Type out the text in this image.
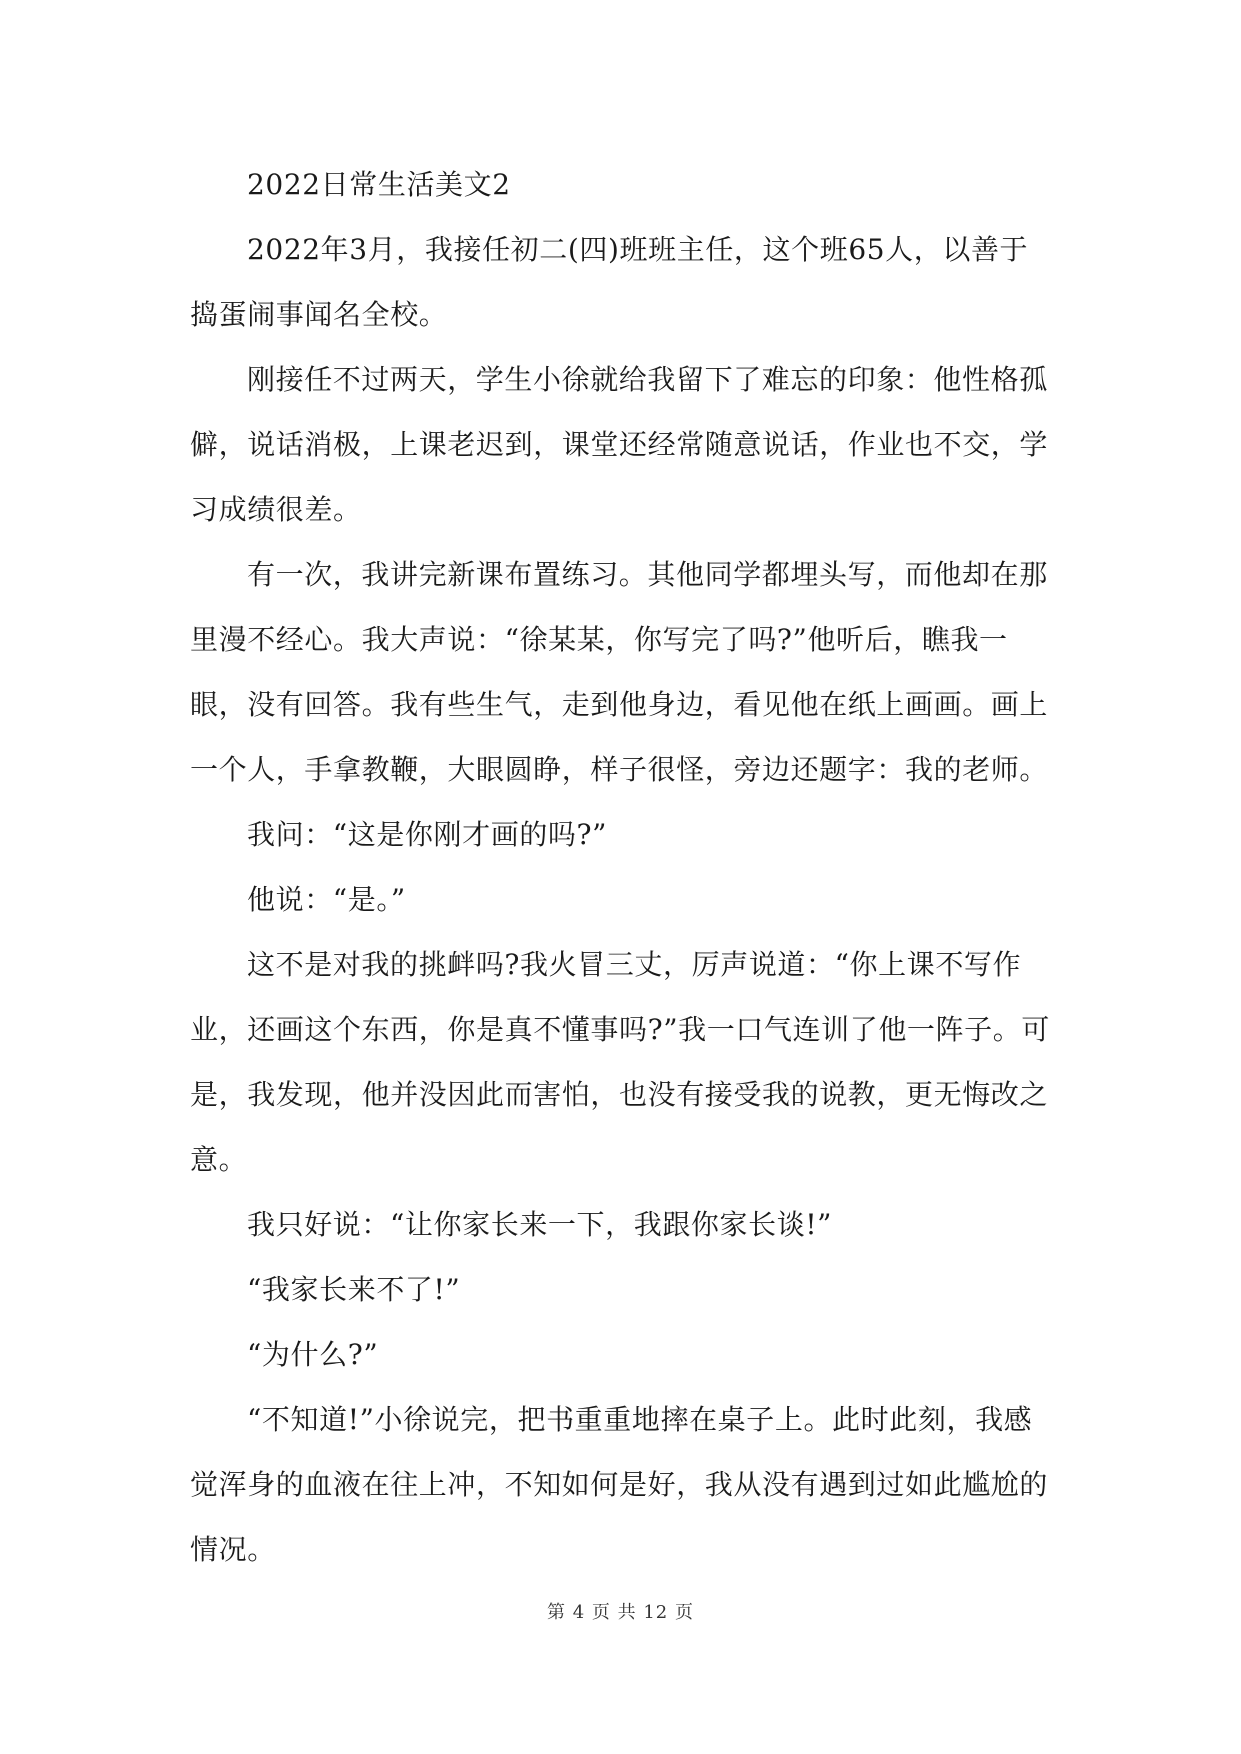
2022日常生活美文2

2022年3月，我接任初二(四)班班主任，这个班65人，以善于捣蛋闹事闻名全校。

刚接任不过两天，学生小徐就给我留下了难忘的印象：他性格孤僻，说话消极，上课老迟到，课堂还经常随意说话，作业也不交，学习成绩很差。

有一次，我讲完新课布置练习。其他同学都埋头写，而他却在那里漫不经心。我大声说：“徐某某，你写完了吗?”他听后，瞧我一眼，没有回答。我有些生气，走到他身边，看见他在纸上画画。画上一个人，手拿教鞭，大眼圆睁，样子很怪，旁边还题字：我的老师。

我问：“这是你刚才画的吗?”

他说：“是。”

这不是对我的挑衅吗?我火冒三丈，厉声说道：“你上课不写作业，还画这个东西，你是真不懂事吗?”我一口气连训了他一阵子。可是，我发现，他并没因此而害怕，也没有接受我的说教，更无悔改之意。

我只好说：“让你家长来一下，我跟你家长谈!”

“我家长来不了!”

“为什么?”

“不知道!”小徐说完，把书重重地摔在桌子上。此时此刻，我感觉浑身的血液在往上冲，不知如何是好，我从没有遇到过如此尴尬的情况。

第 4 页 共 12 页
